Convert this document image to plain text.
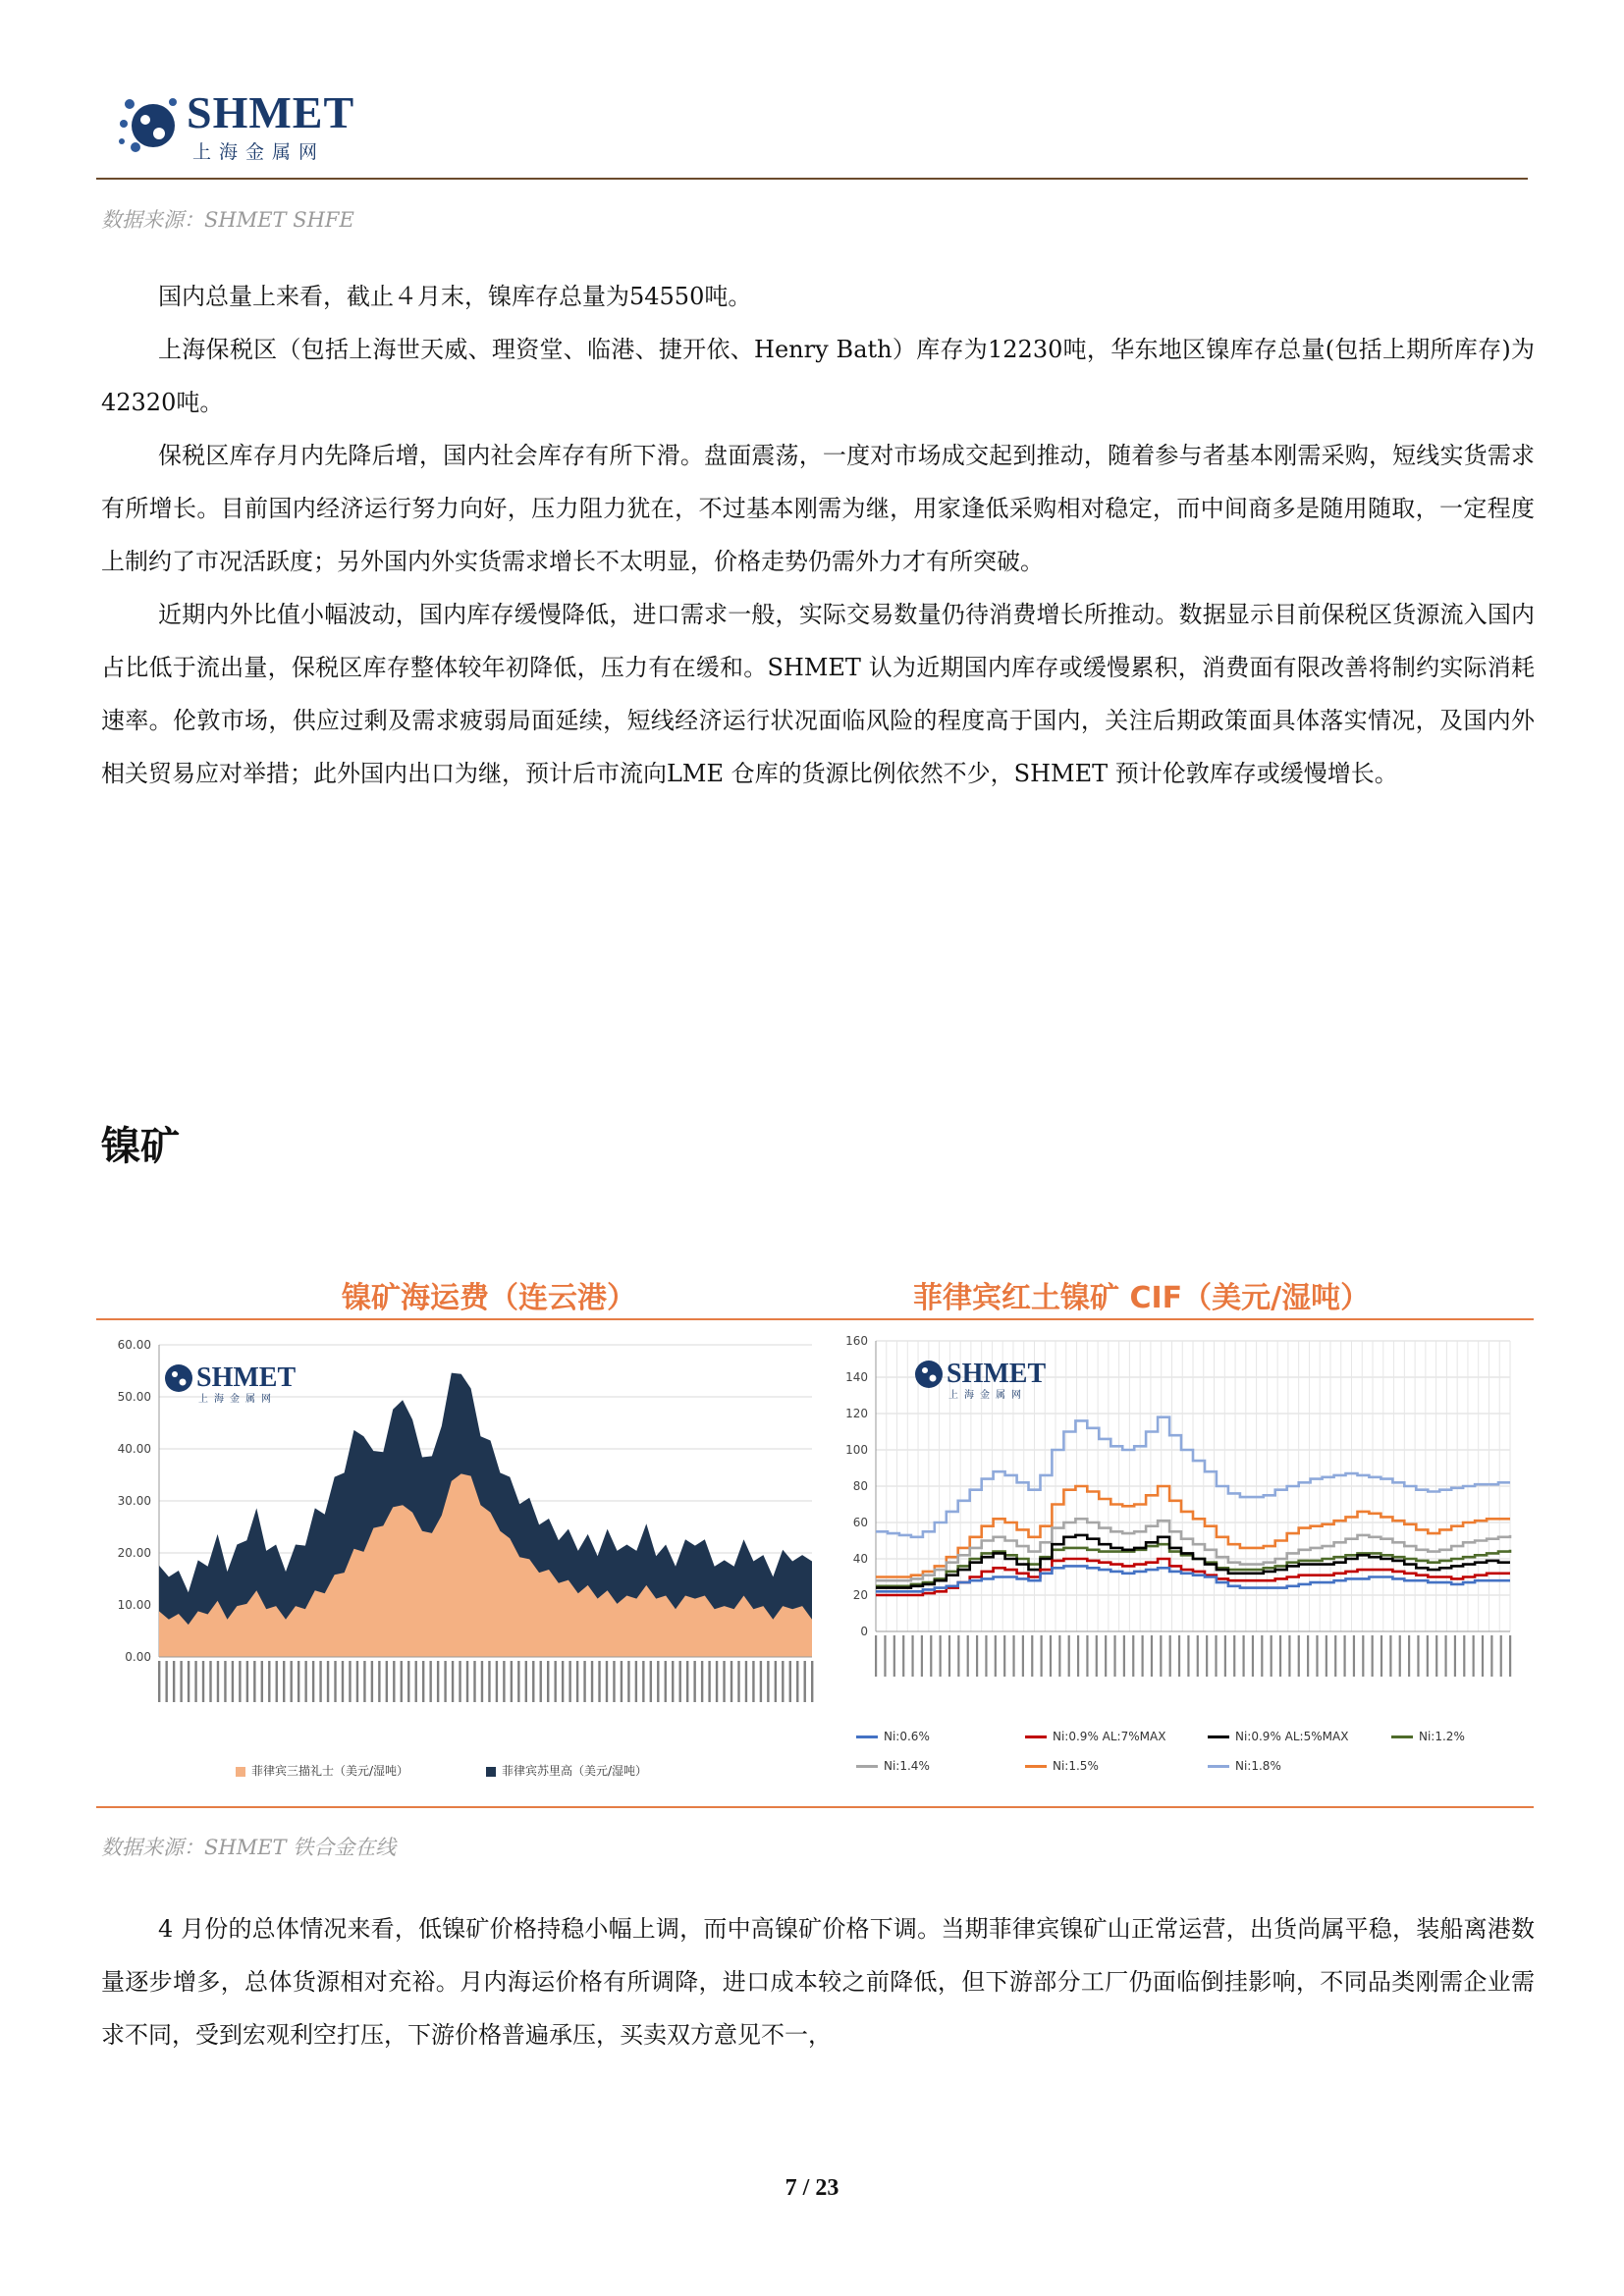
SHMET
上海金属网
数据来源：SHMET SHFE

国内总量上来看，截止４月末，镍库存总量为54550吨。

上海保税区（包括上海世天威、理资堂、临港、捷开依、Henry Bath）库存为12230吨，华东地区镍库存总量(包括上期所库存)为42320吨。

保税区库存月内先降后增，国内社会库存有所下滑。盘面震荡，一度对市场成交起到推动，随着参与者基本刚需采购，短线实货需求有所增长。目前国内经济运行努力向好，压力阻力犹在，不过基本刚需为继，用家逢低采购相对稳定，而中间商多是随用随取，一定程度上制约了市况活跃度；另外国内外实货需求增长不太明显，价格走势仍需外力才有所突破。

近期内外比值小幅波动，国内库存缓慢降低，进口需求一般，实际交易数量仍待消费增长所推动。数据显示目前保税区货源流入国内占比低于流出量，保税区库存整体较年初降低，压力有在缓和。SHMET 认为近期国内库存或缓慢累积，消费面有限改善将制约实际消耗速率。伦敦市场，供应过剩及需求疲弱局面延续，短线经济运行状况面临风险的程度高于国内，关注后期政策面具体落实情况，及国内外相关贸易应对举措；此外国内出口为继，预计后市流向LME 仓库的货源比例依然不少，SHMET 预计伦敦库存或缓慢增长。

镍矿
镍矿海运费（连云港）	菲律宾红土镍矿 CIF（美元/湿吨）
0.00
10.00
20.00
30.00
40.00
50.00
60.00
SHMET
上海金属网
菲律宾三描礼士（美元/湿吨）	菲律宾苏里高（美元/湿吨）
0
20
40
60
80
100
120
140
160
SHMET
上海金属网
Ni:0.6%	Ni:0.9% AL:7%MAX	Ni:0.9% AL:5%MAX	Ni:1.2%
Ni:1.4%	Ni:1.5%	Ni:1.8%
数据来源：SHMET 铁合金在线

4 月份的总体情况来看，低镍矿价格持稳小幅上调，而中高镍矿价格下调。当期菲律宾镍矿山正常运营，出货尚属平稳，装船离港数量逐步增多，总体货源相对充裕。月内海运价格有所调降，进口成本较之前降低，但下游部分工厂仍面临倒挂影响，不同品类刚需企业需求不同，受到宏观利空打压，下游价格普遍承压，买卖双方意见不一，

7 / 23
